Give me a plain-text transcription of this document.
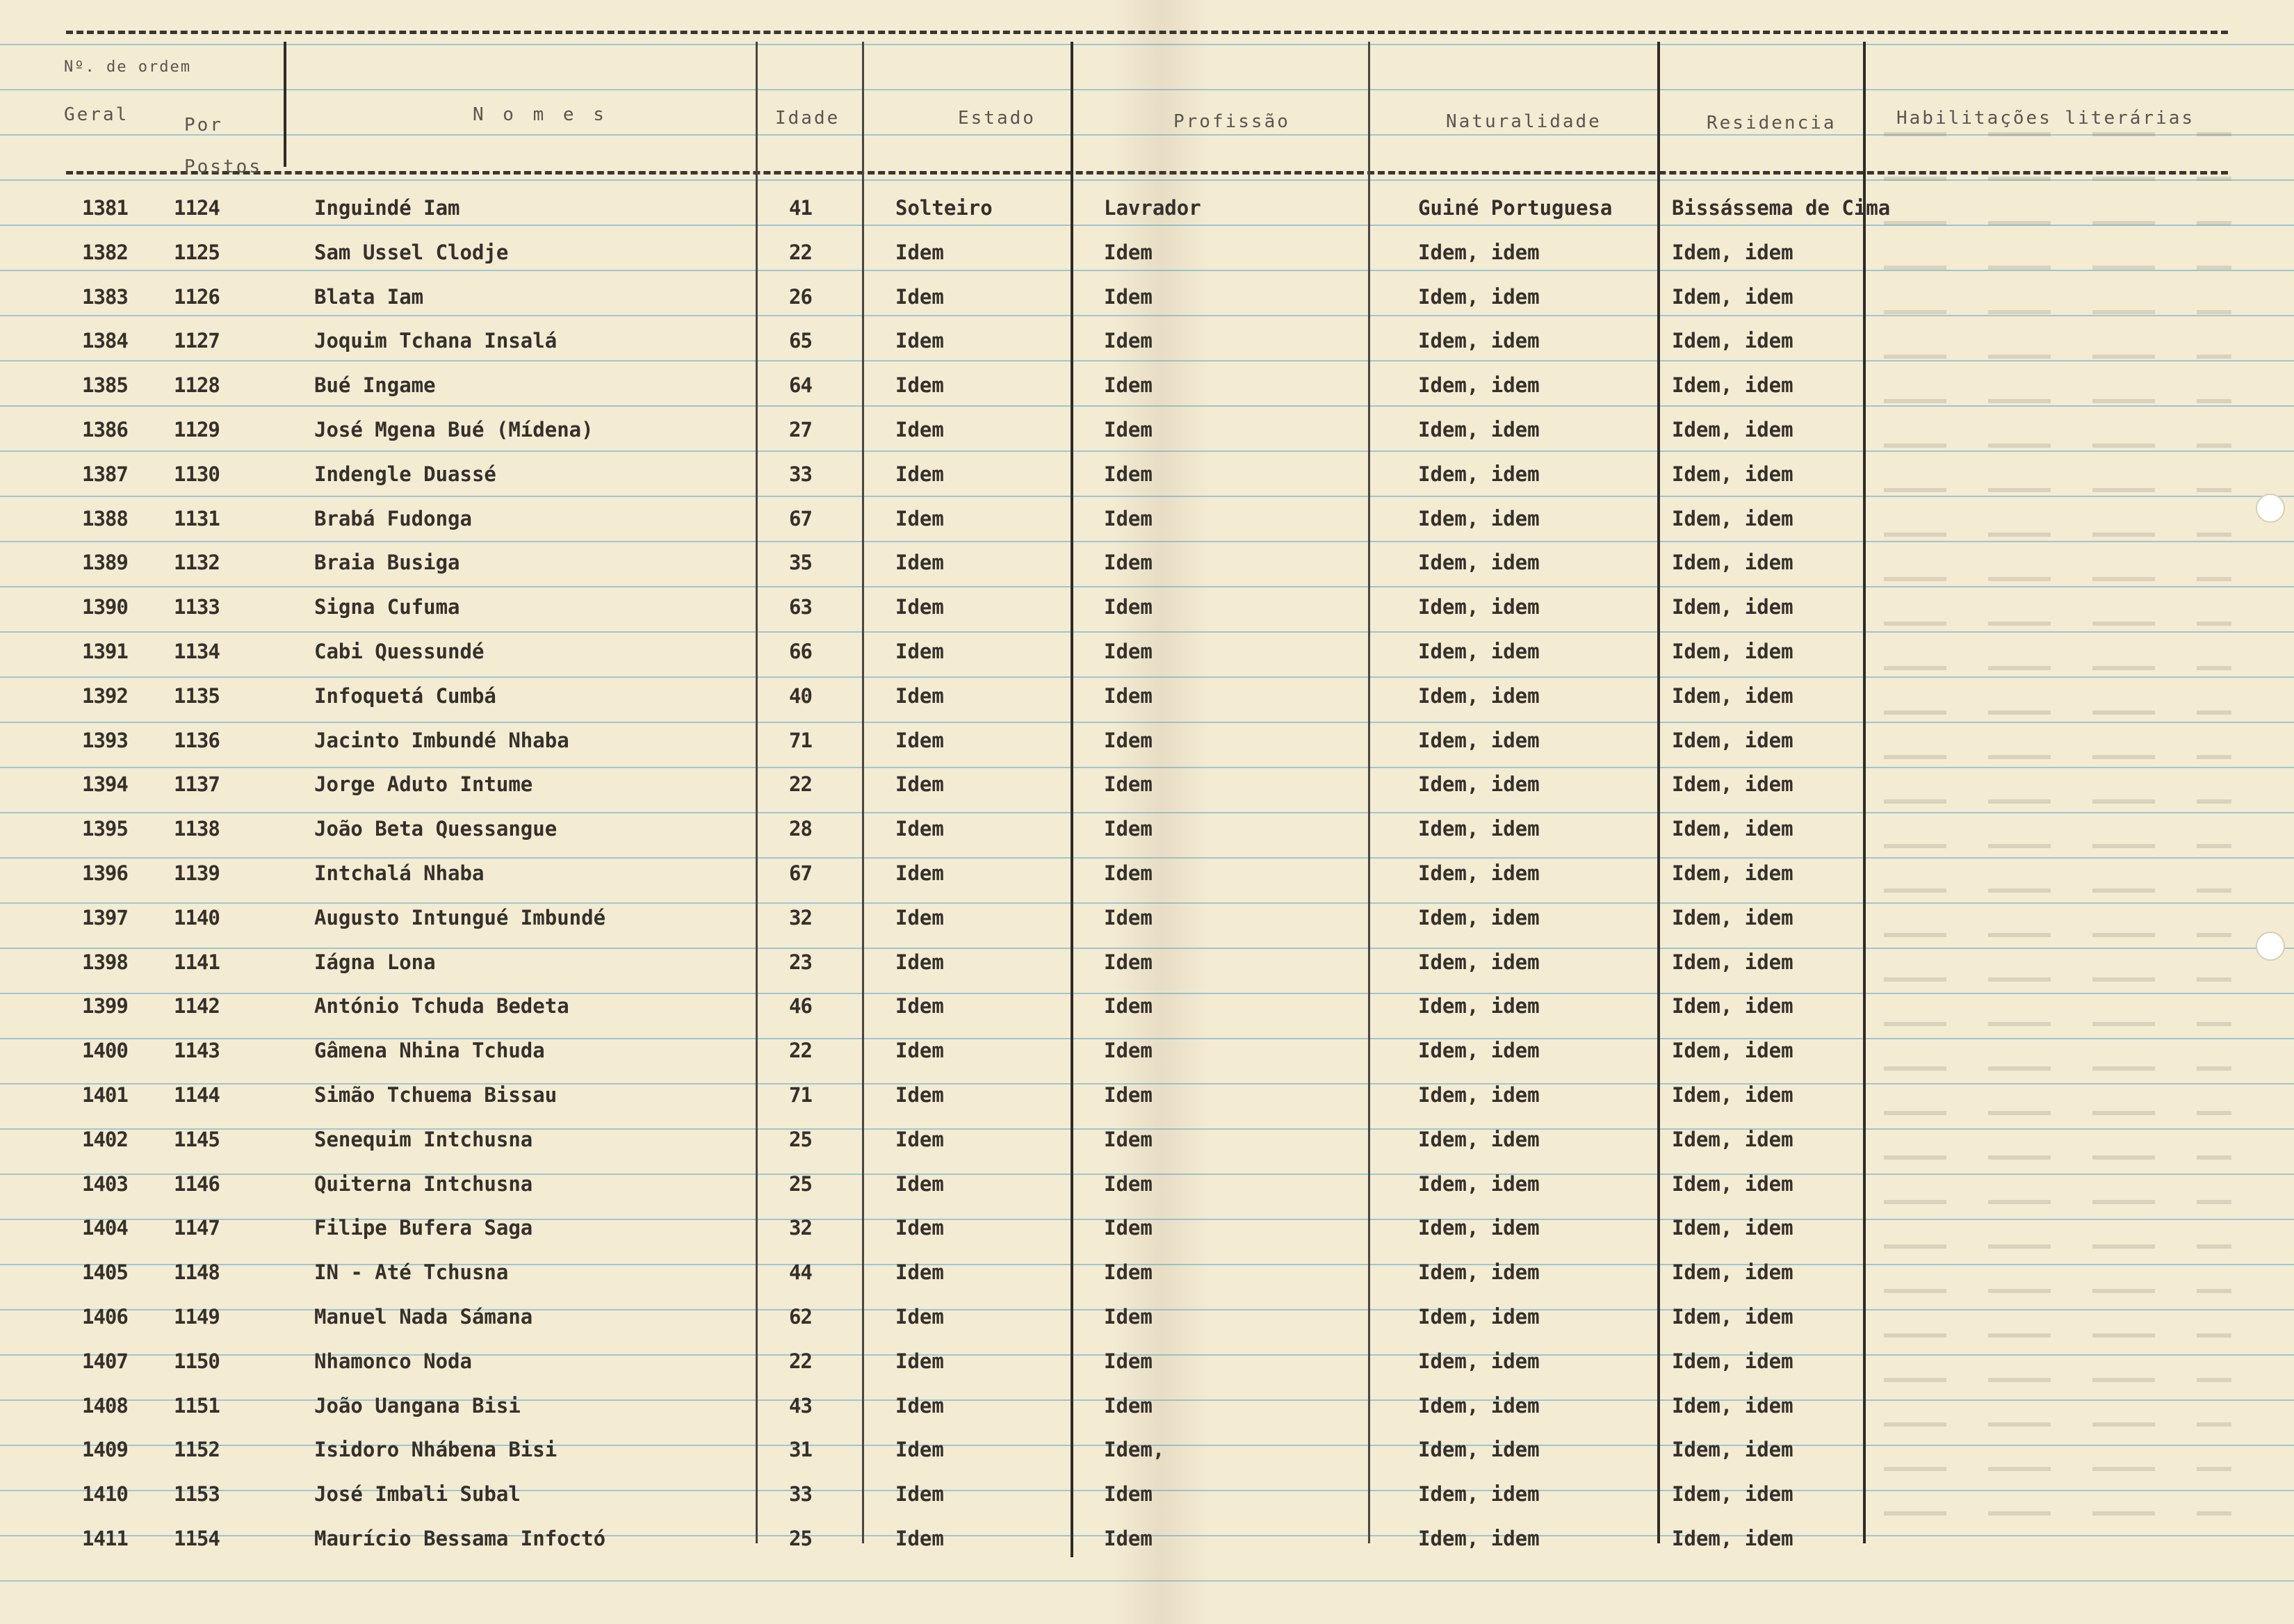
Nº. de ordem
Geral	Por Postos
N o m e s	Idade	Estado	Profissão	Naturalidade	Residencia	Habilitações literárias
1381 1124	Inguindé Iam	41	Solteiro	Lavrador	Guiné Portuguesa	Bissássema de Cima
1382 1125	Sam Ussel Clodje	22	Idem	Idem	Idem, idem	Idem, idem
1383 1126	Blata Iam	26	Idem	Idem	Idem, idem	Idem, idem
1384 1127	Joquim Tchana Insalá	65	Idem	Idem	Idem, idem	Idem, idem
1385 1128	Bué Ingame	64	Idem	Idem	Idem, idem	Idem, idem
1386 1129	José Mgena Bué (Mídena)	27	Idem	Idem	Idem, idem	Idem, idem
1387 1130	Indengle Duassé	33	Idem	Idem	Idem, idem	Idem, idem
1388 1131	Brabá Fudonga	67	Idem	Idem	Idem, idem	Idem, idem
1389 1132	Braia Busiga	35	Idem	Idem	Idem, idem	Idem, idem
1390 1133	Signa Cufuma	63	Idem	Idem	Idem, idem	Idem, idem
1391 1134	Cabi Quessundé	66	Idem	Idem	Idem, idem	Idem, idem
1392 1135	Infoquetá Cumbá	40	Idem	Idem	Idem, idem	Idem, idem
1393 1136	Jacinto Imbundé Nhaba	71	Idem	Idem	Idem, idem	Idem, idem
1394 1137	Jorge Aduto Intume	22	Idem	Idem	Idem, idem	Idem, idem
1395 1138	João Beta Quessangue	28	Idem	Idem	Idem, idem	Idem, idem
1396 1139	Intchalá Nhaba	67	Idem	Idem	Idem, idem	Idem, idem
1397 1140	Augusto Intungué Imbundé	32	Idem	Idem	Idem, idem	Idem, idem
1398 1141	Iágna Lona	23	Idem	Idem	Idem, idem	Idem, idem
1399 1142	António Tchuda Bedeta	46	Idem	Idem	Idem, idem	Idem, idem
1400 1143	Gâmena Nhina Tchuda	22	Idem	Idem	Idem, idem	Idem, idem
1401 1144	Simão Tchuema Bissau	71	Idem	Idem	Idem, idem	Idem, idem
1402 1145	Senequim Intchusna	25	Idem	Idem	Idem, idem	Idem, idem
1403 1146	Quiterna Intchusna	25	Idem	Idem	Idem, idem	Idem, idem
1404 1147	Filipe Bufera Saga	32	Idem	Idem	Idem, idem	Idem, idem
1405 1148	IN - Até Tchusna	44	Idem	Idem	Idem, idem	Idem, idem
1406 1149	Manuel Nada Sámana	62	Idem	Idem	Idem, idem	Idem, idem
1407 1150	Nhamonco Noda	22	Idem	Idem	Idem, idem	Idem, idem
1408 1151	João Uangana Bisi	43	Idem	Idem	Idem, idem	Idem, idem
1409 1152	Isidoro Nhábena Bisi	31	Idem	Idem,	Idem, idem	Idem, idem
1410 1153	José Imbali Subal	33	Idem	Idem	Idem, idem	Idem, idem
1411 1154	Maurício Bessama Infoctó	25	Idem	Idem	Idem, idem	Idem, idem
